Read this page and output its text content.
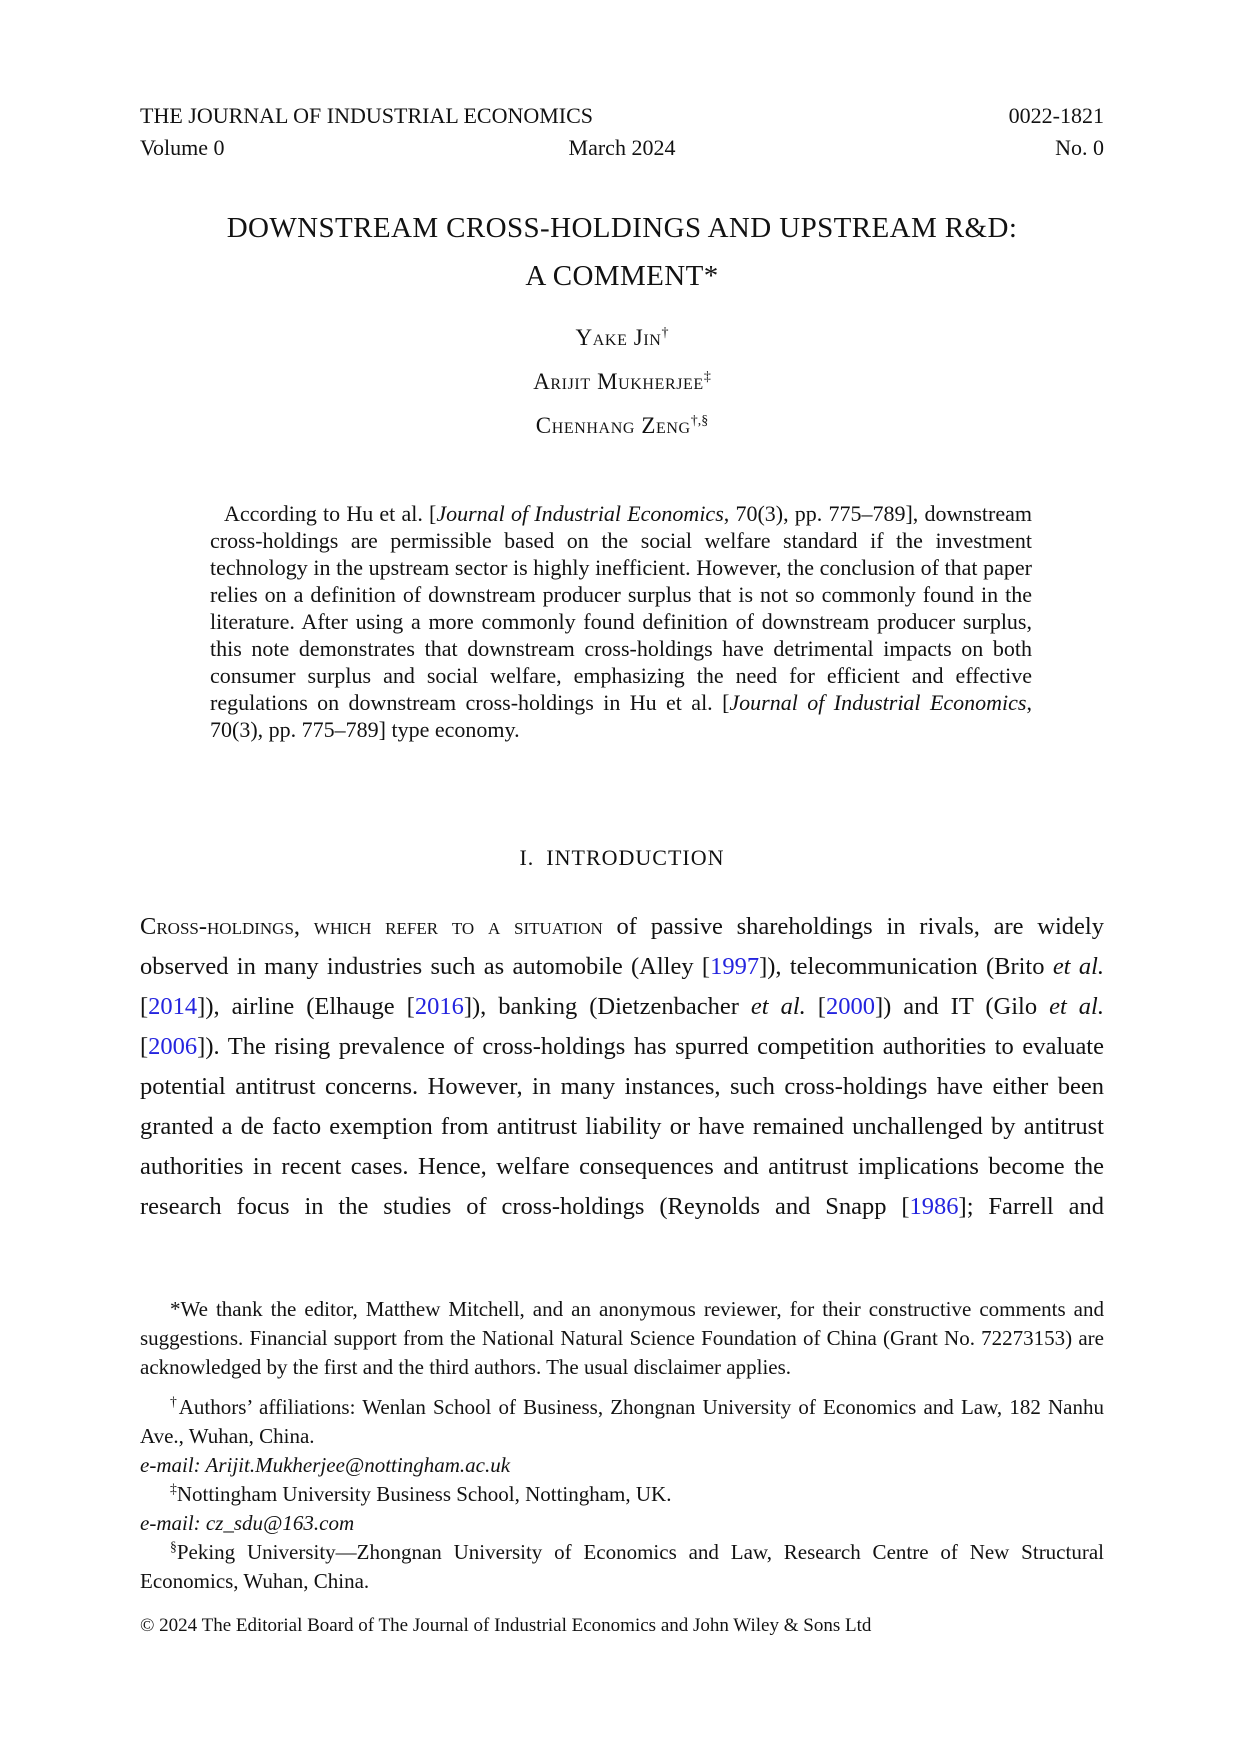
THE JOURNAL OF INDUSTRIAL ECONOMICS	0022-1821
Volume 0	March 2024	No. 0
DOWNSTREAM CROSS-HOLDINGS AND UPSTREAM R&D:
A COMMENT*
Yake Jin†
Arijit Mukherjee‡
Chenhang Zeng†,§

According to Hu et al. [Journal of Industrial Economics, 70(3), pp. 775–789], downstream cross-holdings are permissible based on the social welfare standard if the investment technology in the upstream sector is highly inefficient. However, the conclusion of that paper relies on a definition of downstream producer surplus that is not so commonly found in the literature. After using a more commonly found definition of downstream producer surplus, this note demonstrates that downstream cross-holdings have detrimental impacts on both consumer surplus and social welfare, emphasizing the need for efficient and effective regulations on downstream cross-holdings in Hu et al. [Journal of Industrial Economics, 70(3), pp. 775–789] type economy.

I. INTRODUCTION

Cross-holdings, which refer to a situation of passive shareholdings in rivals, are widely observed in many industries such as automobile (Alley [1997]), telecommunication (Brito et al. [2014]), airline (Elhauge [2016]), banking (Dietzenbacher et al. [2000]) and IT (Gilo et al. [2006]). The rising prevalence of cross-holdings has spurred competition authorities to evaluate potential antitrust concerns. However, in many instances, such cross-holdings have either been granted a de facto exemption from antitrust liability or have remained unchallenged by antitrust authorities in recent cases. Hence, welfare consequences and antitrust implications become the research focus in the studies of cross-holdings (Reynolds and Snapp [1986]; Farrell and

*We thank the editor, Matthew Mitchell, and an anonymous reviewer, for their constructive comments and suggestions. Financial support from the National Natural Science Foundation of China (Grant No. 72273153) are acknowledged by the first and the third authors. The usual disclaimer applies.

†Authors’ affiliations: Wenlan School of Business, Zhongnan University of Economics and Law, 182 Nanhu Ave., Wuhan, China.

e-mail: Arijit.Mukherjee@nottingham.ac.uk

‡Nottingham University Business School, Nottingham, UK.

e-mail: cz_sdu@163.com

§Peking University—Zhongnan University of Economics and Law, Research Centre of New Structural Economics, Wuhan, China.

© 2024 The Editorial Board of The Journal of Industrial Economics and John Wiley & Sons Ltd
